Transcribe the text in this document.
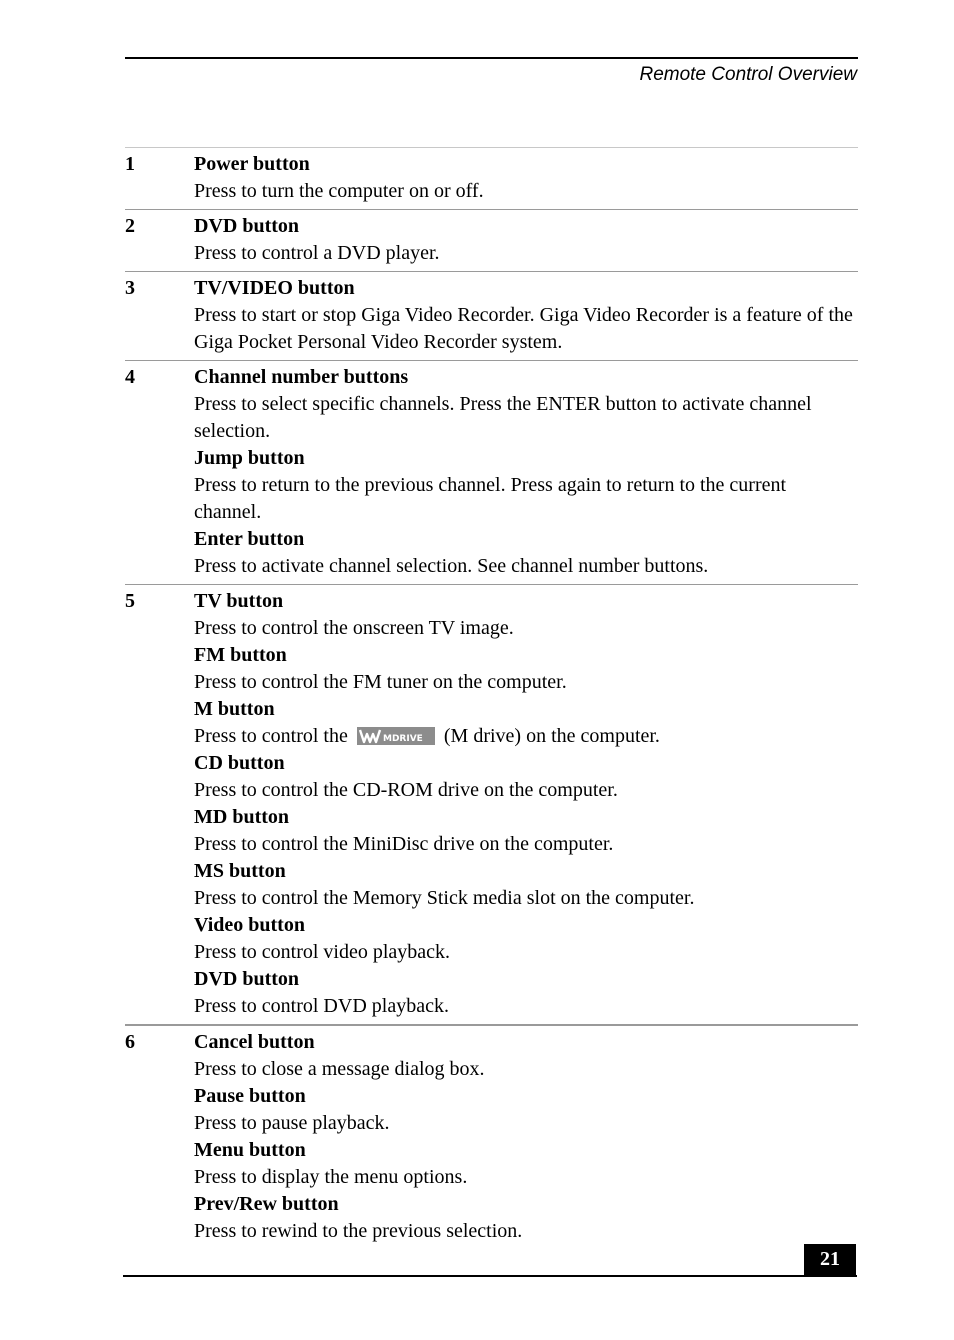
Remote Control Overview
1	Power button
Press to turn the computer on or off.
2	DVD button
Press to control a DVD player.
3	TV/VIDEO button
Press to start or stop Giga Video Recorder. Giga Video Recorder is a feature of the Giga Pocket Personal Video Recorder system.
4	Channel number buttons
Press to select specific channels. Press the ENTER button to activate channel selection.
Jump button
Press to return to the previous channel. Press again to return to the current channel.
Enter button
Press to activate channel selection. See channel number buttons.
5	TV button
Press to control the onscreen TV image.
FM button
Press to control the FM tuner on the computer.
M button
Press to control the	MDRIVE (M drive) on the computer.
CD button
Press to control the CD-ROM drive on the computer.
MD button
Press to control the MiniDisc drive on the computer.
MS button
Press to control the Memory Stick media slot on the computer.
Video button
Press to control video playback.
DVD button
Press to control DVD playback.
6	Cancel button
Press to close a message dialog box.
Pause button
Press to pause playback.
Menu button
Press to display the menu options.
Prev/Rew button
Press to rewind to the previous selection.
21
